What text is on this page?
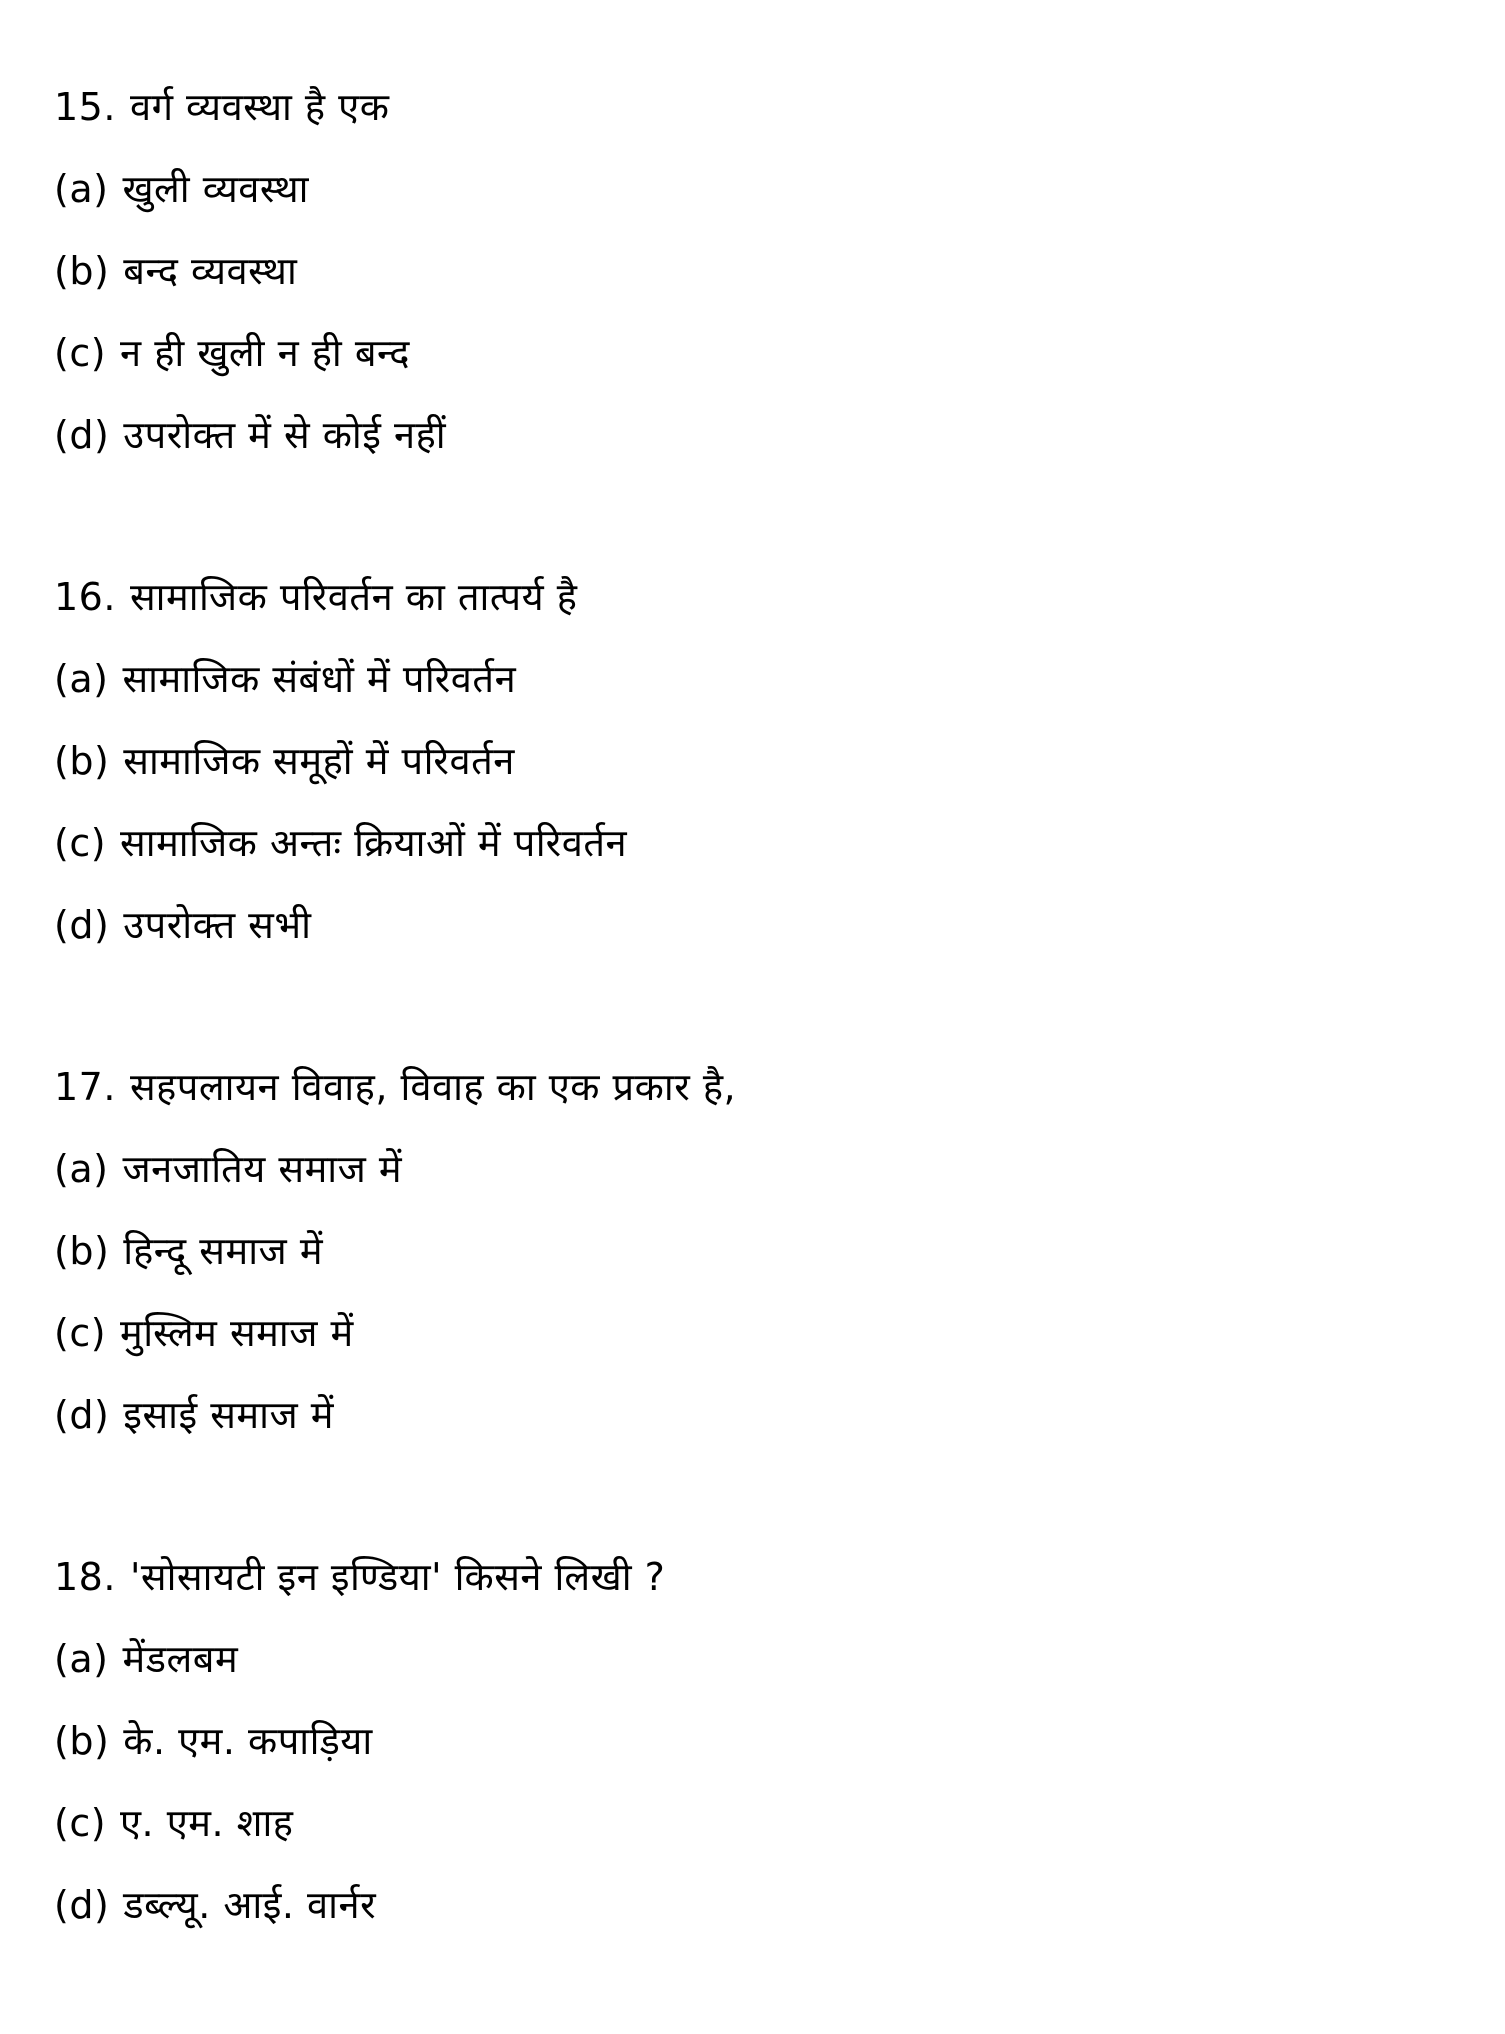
15. वर्ग व्यवस्था है एक
(a) खुली व्यवस्था
(b) बन्द व्यवस्था
(c) न ही खुली न ही बन्द
(d) उपरोक्त में से कोई नहीं
16. सामाजिक परिवर्तन का तात्पर्य है
(a) सामाजिक संबंधों में परिवर्तन
(b) सामाजिक समूहों में परिवर्तन
(c) सामाजिक अन्तः क्रियाओं में परिवर्तन
(d) उपरोक्त सभी
17. सहपलायन विवाह, विवाह का एक प्रकार है,
(a) जनजातिय समाज में
(b) हिन्दू समाज में
(c) मुस्लिम समाज में
(d) इसाई समाज में
18. 'सोसायटी इन इण्डिया' किसने लिखी ?
(a) मेंडलबम
(b) के. एम. कपाड़िया
(c) ए. एम. शाह
(d) डब्ल्यू. आई. वार्नर
